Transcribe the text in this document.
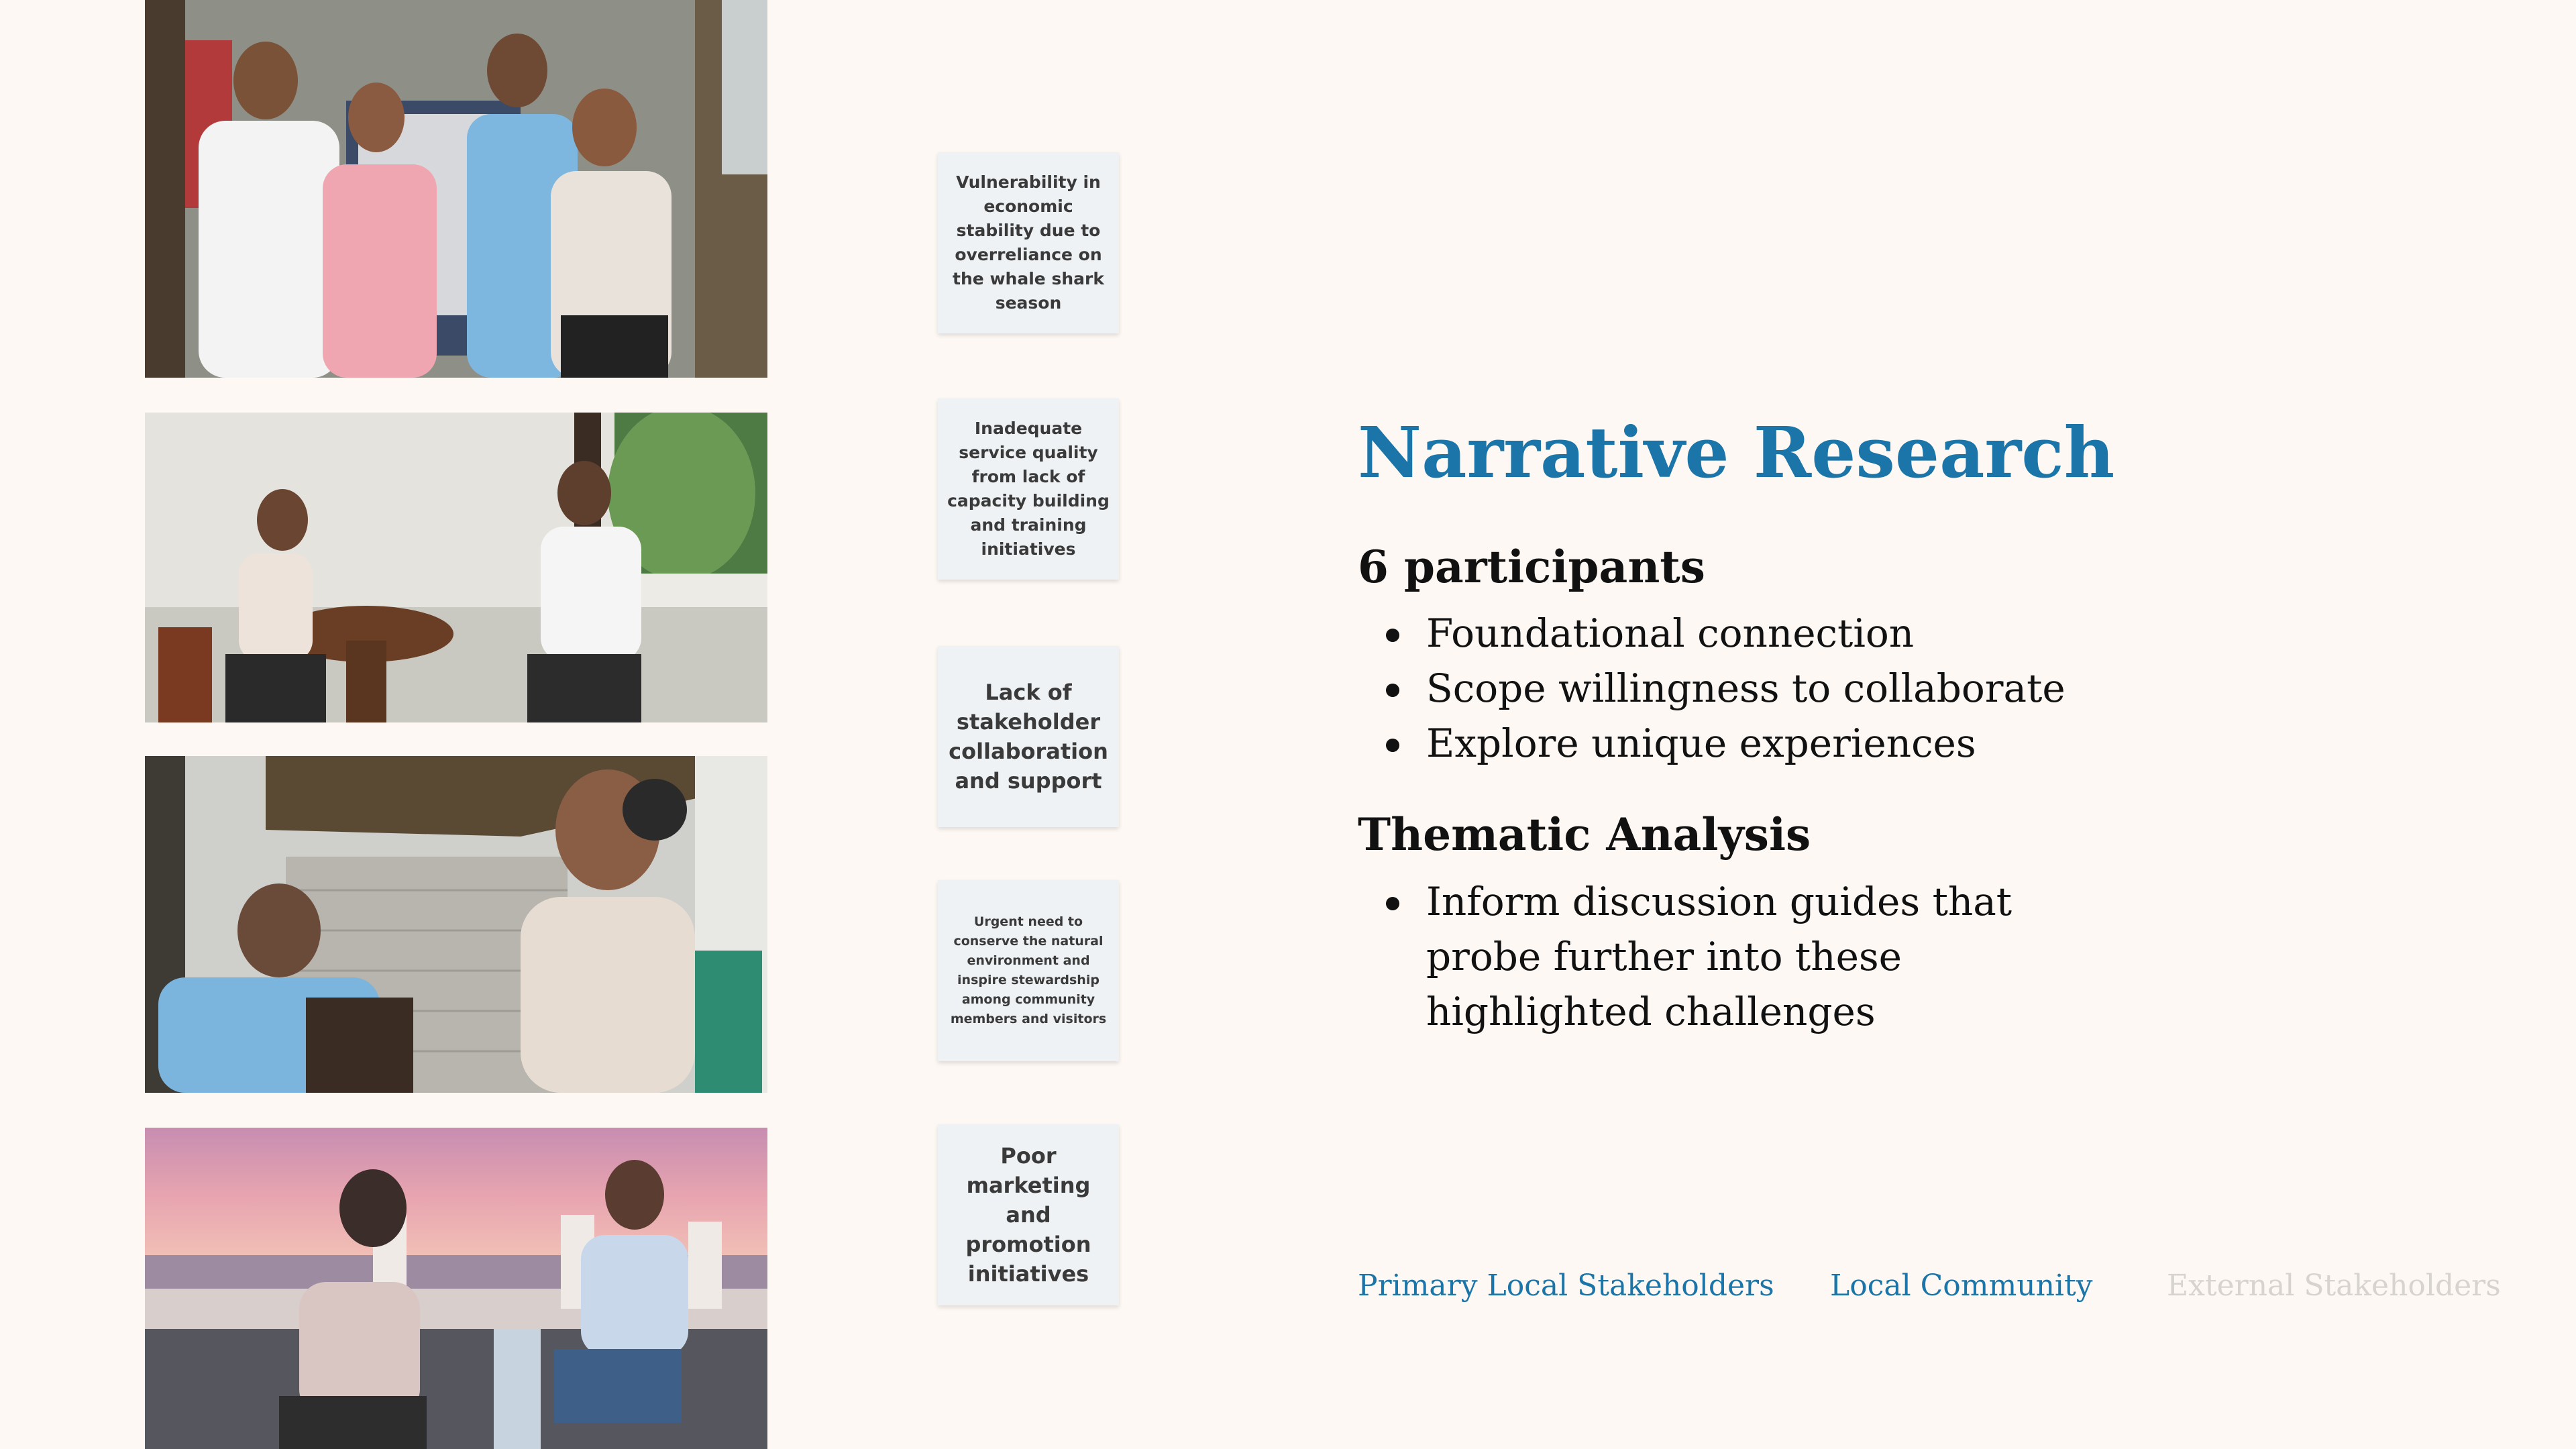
Vulnerability in economic stability due to overreliance on the whale shark season
Inadequate service quality from lack of capacity building and training initiatives
Lack of stakeholder collaboration and support
Urgent need to conserve the natural environment and inspire stewardship among community members and visitors
Poor marketing and promotion initiatives
Narrative Research
6 participants
Foundational connection
Scope willingness to collaborate
Explore unique experiences
Thematic Analysis
Inform discussion guides that probe further into these highlighted challenges
Primary Local Stakeholders Local Community	External Stakeholders
